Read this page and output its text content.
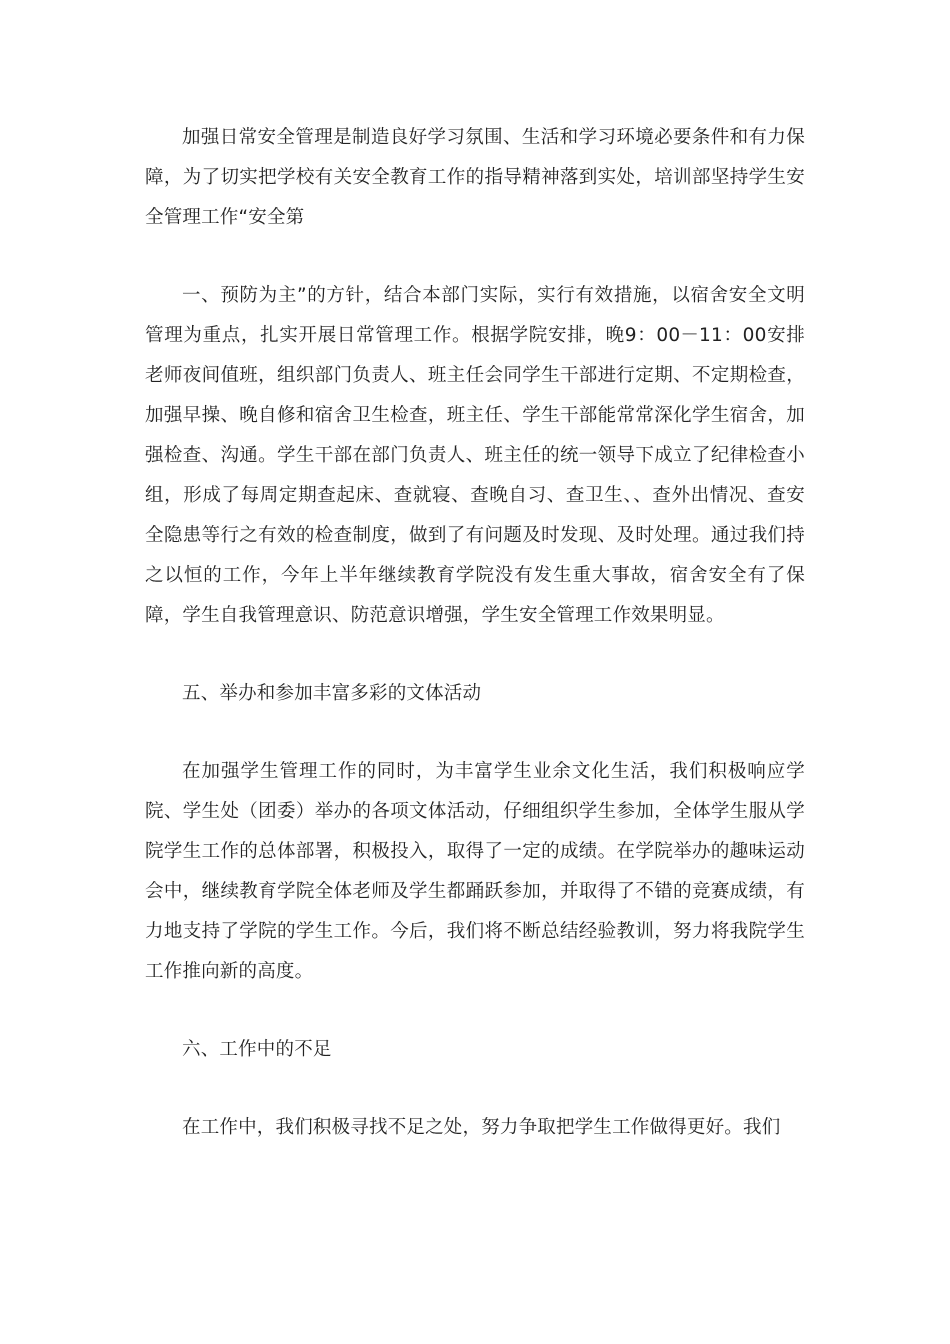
加强日常安全管理是制造良好学习氛围、生活和学习环境必要条件和有力保障，为了切实把学校有关安全教育工作的指导精神落到实处，培训部坚持学生安全管理工作“安全第

一、预防为主”的方针，结合本部门实际，实行有效措施，以宿舍安全文明管理为重点，扎实开展日常管理工作。根据学院安排，晚9：00－11：00安排老师夜间值班，组织部门负责人、班主任会同学生干部进行定期、不定期检查，加强早操、晚自修和宿舍卫生检查，班主任、学生干部能常常深化学生宿舍，加强检查、沟通。学生干部在部门负责人、班主任的统一领导下成立了纪律检查小组，形成了每周定期查起床、查就寝、查晚自习、查卫生、、查外出情况、查安全隐患等行之有效的检查制度，做到了有问题及时发现、及时处理。通过我们持之以恒的工作，今年上半年继续教育学院没有发生重大事故，宿舍安全有了保障，学生自我管理意识、防范意识增强，学生安全管理工作效果明显。

五、举办和参加丰富多彩的文体活动

在加强学生管理工作的同时，为丰富学生业余文化生活，我们积极响应学院、学生处（团委）举办的各项文体活动，仔细组织学生参加，全体学生服从学院学生工作的总体部署，积极投入，取得了一定的成绩。在学院举办的趣味运动会中，继续教育学院全体老师及学生都踊跃参加，并取得了不错的竞赛成绩，有力地支持了学院的学生工作。今后，我们将不断总结经验教训，努力将我院学生工作推向新的高度。

六、工作中的不足

在工作中，我们积极寻找不足之处，努力争取把学生工作做得更好。我们
